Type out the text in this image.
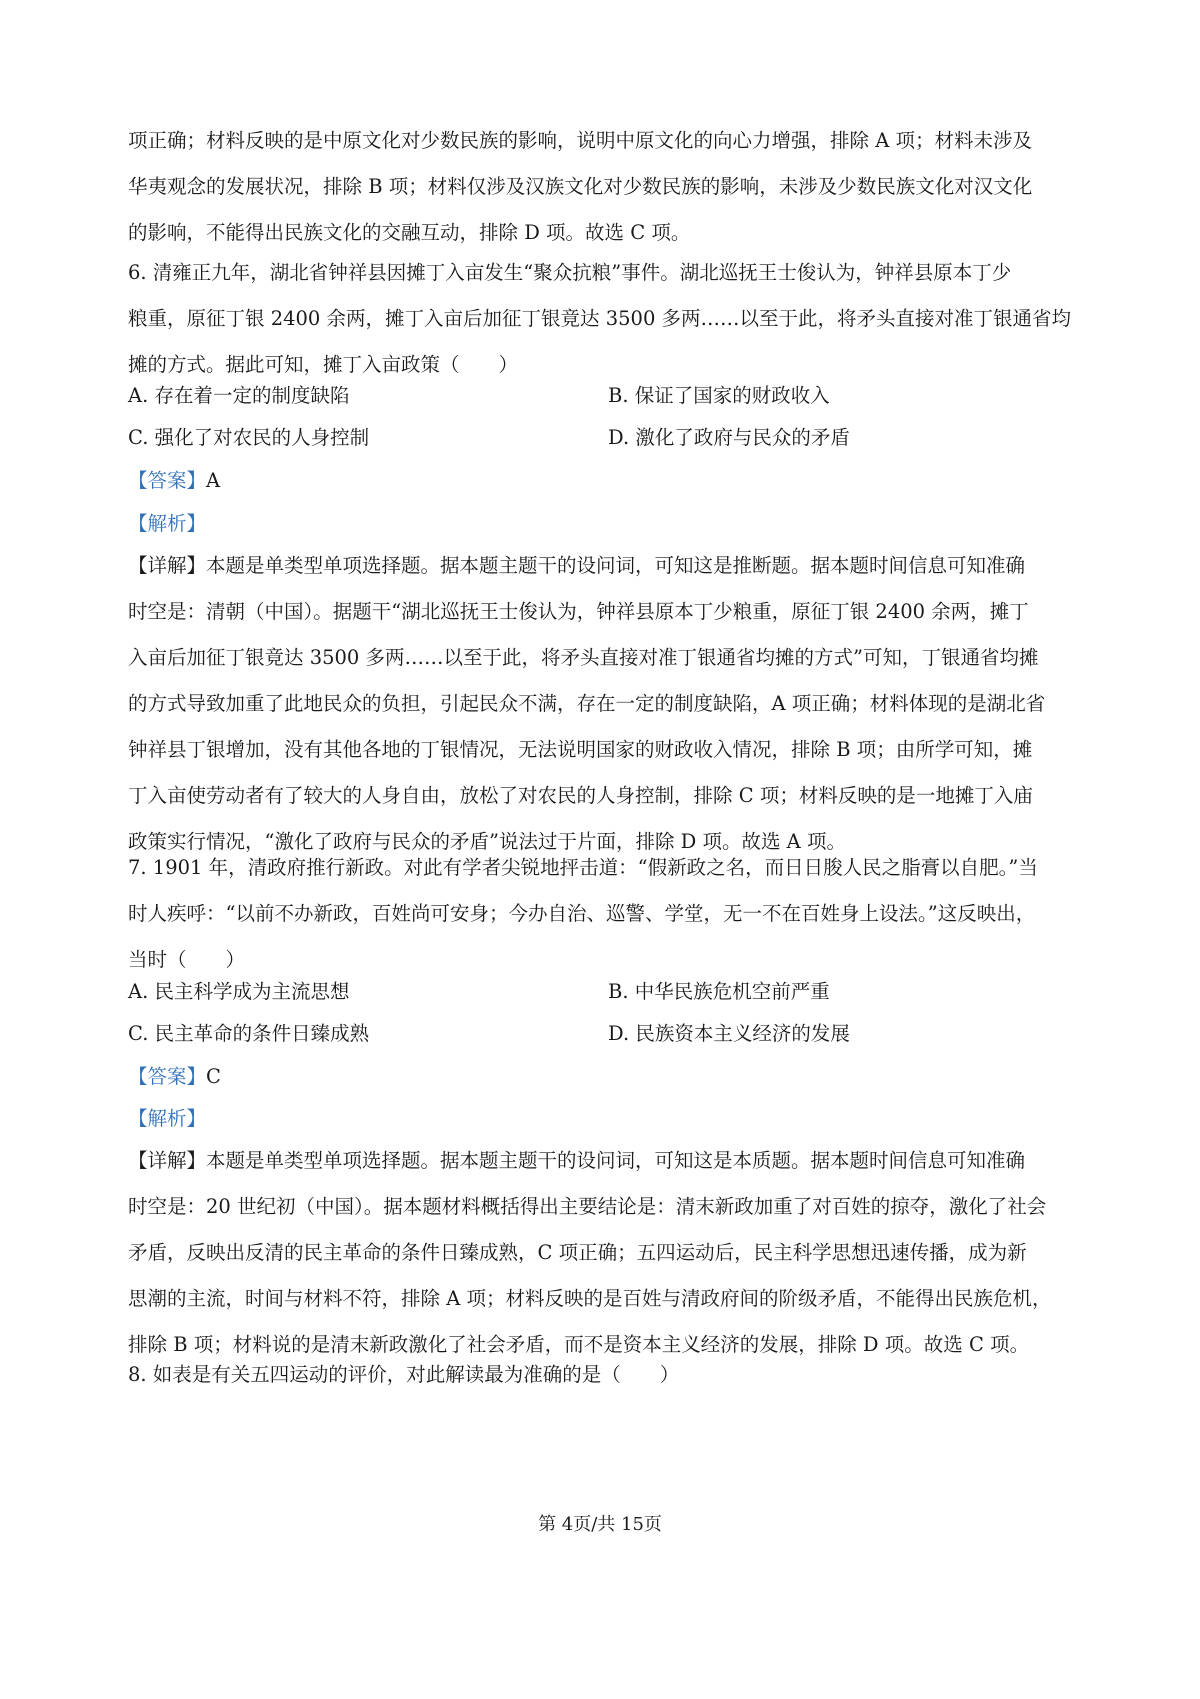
项正确；材料反映的是中原文化对少数民族的影响，说明中原文化的向心力增强，排除 A 项；材料未涉及
华夷观念的发展状况，排除 B 项；材料仅涉及汉族文化对少数民族的影响，未涉及少数民族文化对汉文化
的影响，不能得出民族文化的交融互动，排除 D 项。故选 C 项。
6. 清雍正九年，湖北省钟祥县因摊丁入亩发生“聚众抗粮”事件。湖北巡抚王士俊认为，钟祥县原本丁少
粮重，原征丁银 2400 余两，摊丁入亩后加征丁银竟达 3500 多两……以至于此，将矛头直接对准丁银通省均
摊的方式。据此可知，摊丁入亩政策（　　）
A. 存在着一定的制度缺陷	B. 保证了国家的财政收入
C. 强化了对农民的人身控制	D. 激化了政府与民众的矛盾
【答案】A
【解析】
【详解】本题是单类型单项选择题。据本题主题干的设问词，可知这是推断题。据本题时间信息可知准确
时空是：清朝（中国）。据题干“湖北巡抚王士俊认为，钟祥县原本丁少粮重，原征丁银 2400 余两，摊丁
入亩后加征丁银竟达 3500 多两……以至于此，将矛头直接对准丁银通省均摊的方式”可知，丁银通省均摊
的方式导致加重了此地民众的负担，引起民众不满，存在一定的制度缺陷，A 项正确；材料体现的是湖北省
钟祥县丁银增加，没有其他各地的丁银情况，无法说明国家的财政收入情况，排除 B 项；由所学可知，摊
丁入亩使劳动者有了较大的人身自由，放松了对农民的人身控制，排除 C 项；材料反映的是一地摊丁入庙
政策实行情况，“激化了政府与民众的矛盾”说法过于片面，排除 D 项。故选 A 项。
7. 1901 年，清政府推行新政。对此有学者尖锐地抨击道：“假新政之名，而日日朘人民之脂膏以自肥。”当
时人疾呼：“以前不办新政，百姓尚可安身；今办自治、巡警、学堂，无一不在百姓身上设法。”这反映出，
当时（　　）
A. 民主科学成为主流思想	B. 中华民族危机空前严重
C. 民主革命的条件日臻成熟	D. 民族资本主义经济的发展
【答案】C
【解析】
【详解】本题是单类型单项选择题。据本题主题干的设问词，可知这是本质题。据本题时间信息可知准确
时空是：20 世纪初（中国）。据本题材料概括得出主要结论是：清末新政加重了对百姓的掠夺，激化了社会
矛盾，反映出反清的民主革命的条件日臻成熟，C 项正确；五四运动后，民主科学思想迅速传播，成为新
思潮的主流，时间与材料不符，排除 A 项；材料反映的是百姓与清政府间的阶级矛盾，不能得出民族危机，
排除 B 项；材料说的是清末新政激化了社会矛盾，而不是资本主义经济的发展，排除 D 项。故选 C 项。
8. 如表是有关五四运动的评价，对此解读最为准确的是（　　）
第 4页/共 15页
